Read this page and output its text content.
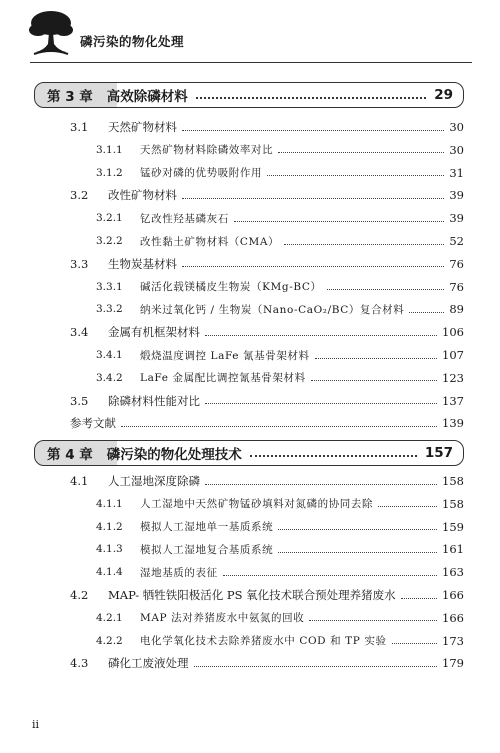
磷污染的物化处理
第 3 章 高效除磷材料	29
3.1	天然矿物材料	30
3.1.1	天然矿物材料除磷效率对比	30
3.1.2	锰砂对磷的优势吸附作用	31
3.2	改性矿物材料	39
3.2.1	钇改性羟基磷灰石	39
3.2.2	改性黏土矿物材料（CMA）	52
3.3	生物炭基材料	76
3.3.1	碱活化载镁橘皮生物炭（KMg-BC）	76
3.3.2	纳米过氧化钙 / 生物炭（Nano-CaO₂/BC）复合材料	89
3.4	金属有机框架材料	106
3.4.1	煅烧温度调控 LaFe 氰基骨架材料	107
3.4.2	LaFe 金属配比调控氰基骨架材料	123
3.5	除磷材料性能对比	137
参考文献	139
第 4 章 磷污染的物化处理技术	157
4.1	人工湿地深度除磷	158
4.1.1	人工湿地中天然矿物锰砂填料对氮磷的协同去除	158
4.1.2	模拟人工湿地单一基质系统	159
4.1.3	模拟人工湿地复合基质系统	161
4.1.4	湿地基质的表征	163
4.2	MAP- 牺牲铁阳极活化 PS 氧化技术联合预处理养猪废水	166
4.2.1	MAP 法对养猪废水中氨氮的回收	166
4.2.2	电化学氧化技术去除养猪废水中 COD 和 TP 实验	173
4.3	磷化工废液处理	179
ii
